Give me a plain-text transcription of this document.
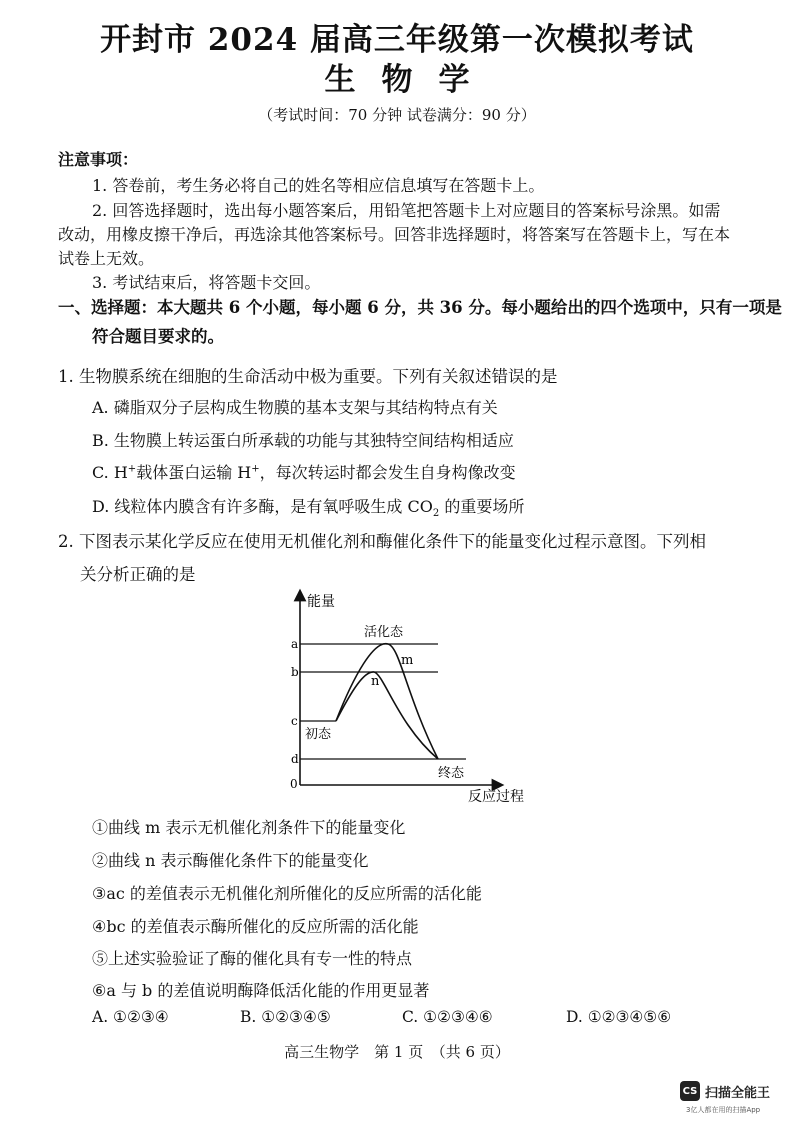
开封市 2024 届高三年级第一次模拟考试
生物学
（考试时间：70 分钟 试卷满分：90 分）
注意事项：
1. 答卷前，考生务必将自己的姓名等相应信息填写在答题卡上。
2. 回答选择题时，选出每小题答案后，用铅笔把答题卡上对应题目的答案标号涂黑。如需
改动，用橡皮擦干净后，再选涂其他答案标号。回答非选择题时，将答案写在答题卡上，写在本
试卷上无效。
3. 考试结束后，将答题卡交回。
一、选择题：本大题共 6 个小题，每小题 6 分，共 36 分。每小题给出的四个选项中，只有一项是
符合题目要求的。
1. 生物膜系统在细胞的生命活动中极为重要。下列有关叙述错误的是
A. 磷脂双分子层构成生物膜的基本支架与其结构特点有关
B. 生物膜上转运蛋白所承载的功能与其独特空间结构相适应
C. H+载体蛋白运输 H+，每次转运时都会发生自身构像改变
D. 线粒体内膜含有许多酶，是有氧呼吸生成 $CO_2$ 的重要场所
2. 下图表示某化学反应在使用无机催化剂和酶催化条件下的能量变化过程示意图。下列相
关分析正确的是
能量
反应过程
0
a
b
c
d
活化态
m
n
初态
终态
①曲线 m 表示无机催化剂条件下的能量变化
②曲线 n 表示酶催化条件下的能量变化
③ac 的差值表示无机催化剂所催化的反应所需的活化能
④bc 的差值表示酶所催化的反应所需的活化能
⑤上述实验验证了酶的催化具有专一性的特点
⑥a 与 b 的差值说明酶降低活化能的作用更显著
A. ①②③④	B. ①②③④⑤	C. ①②③④⑥	D. ①②③④⑤⑥
高三生物学　第 1 页　（共 6 页）
CS 扫描全能王
3亿人都在用的扫描App
